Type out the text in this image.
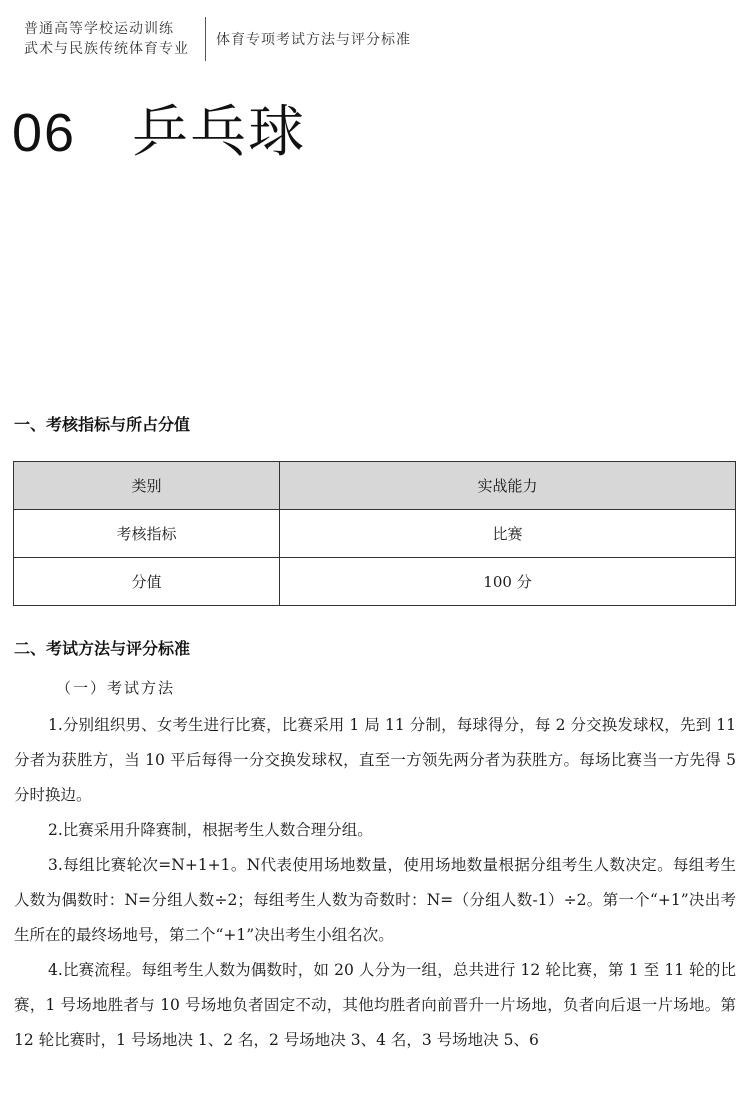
普通高等学校运动训练
武术与民族传统体育专业
体育专项考试方法与评分标准
06 乒乓球
一、考核指标与所占分值
类别	实战能力
考核指标	比赛
分值	100 分
二、考试方法与评分标准
（一）考试方法

1.分别组织男、女考生进行比赛，比赛采用 1 局 11 分制，每球得分，每 2 分交换发球权，先到 11 分者为获胜方，当 10 平后每得一分交换发球权，直至一方领先两分者为获胜方。每场比赛当一方先得 5 分时换边。

2.比赛采用升降赛制，根据考生人数合理分组。

3.每组比赛轮次=N+1+1。N代表使用场地数量，使用场地数量根据分组考生人数决定。每组考生人数为偶数时：N=分组人数÷2；每组考生人数为奇数时：N=（分组人数-1）÷2。第一个“+1”决出考生所在的最终场地号，第二个“+1”决出考生小组名次。

4.比赛流程。每组考生人数为偶数时，如 20 人分为一组，总共进行 12 轮比赛，第 1 至 11 轮的比赛，1 号场地胜者与 10 号场地负者固定不动，其他均胜者向前晋升一片场地，负者向后退一片场地。第 12 轮比赛时，1 号场地决 1、2 名，2 号场地决 3、4 名，3 号场地决 5、6
